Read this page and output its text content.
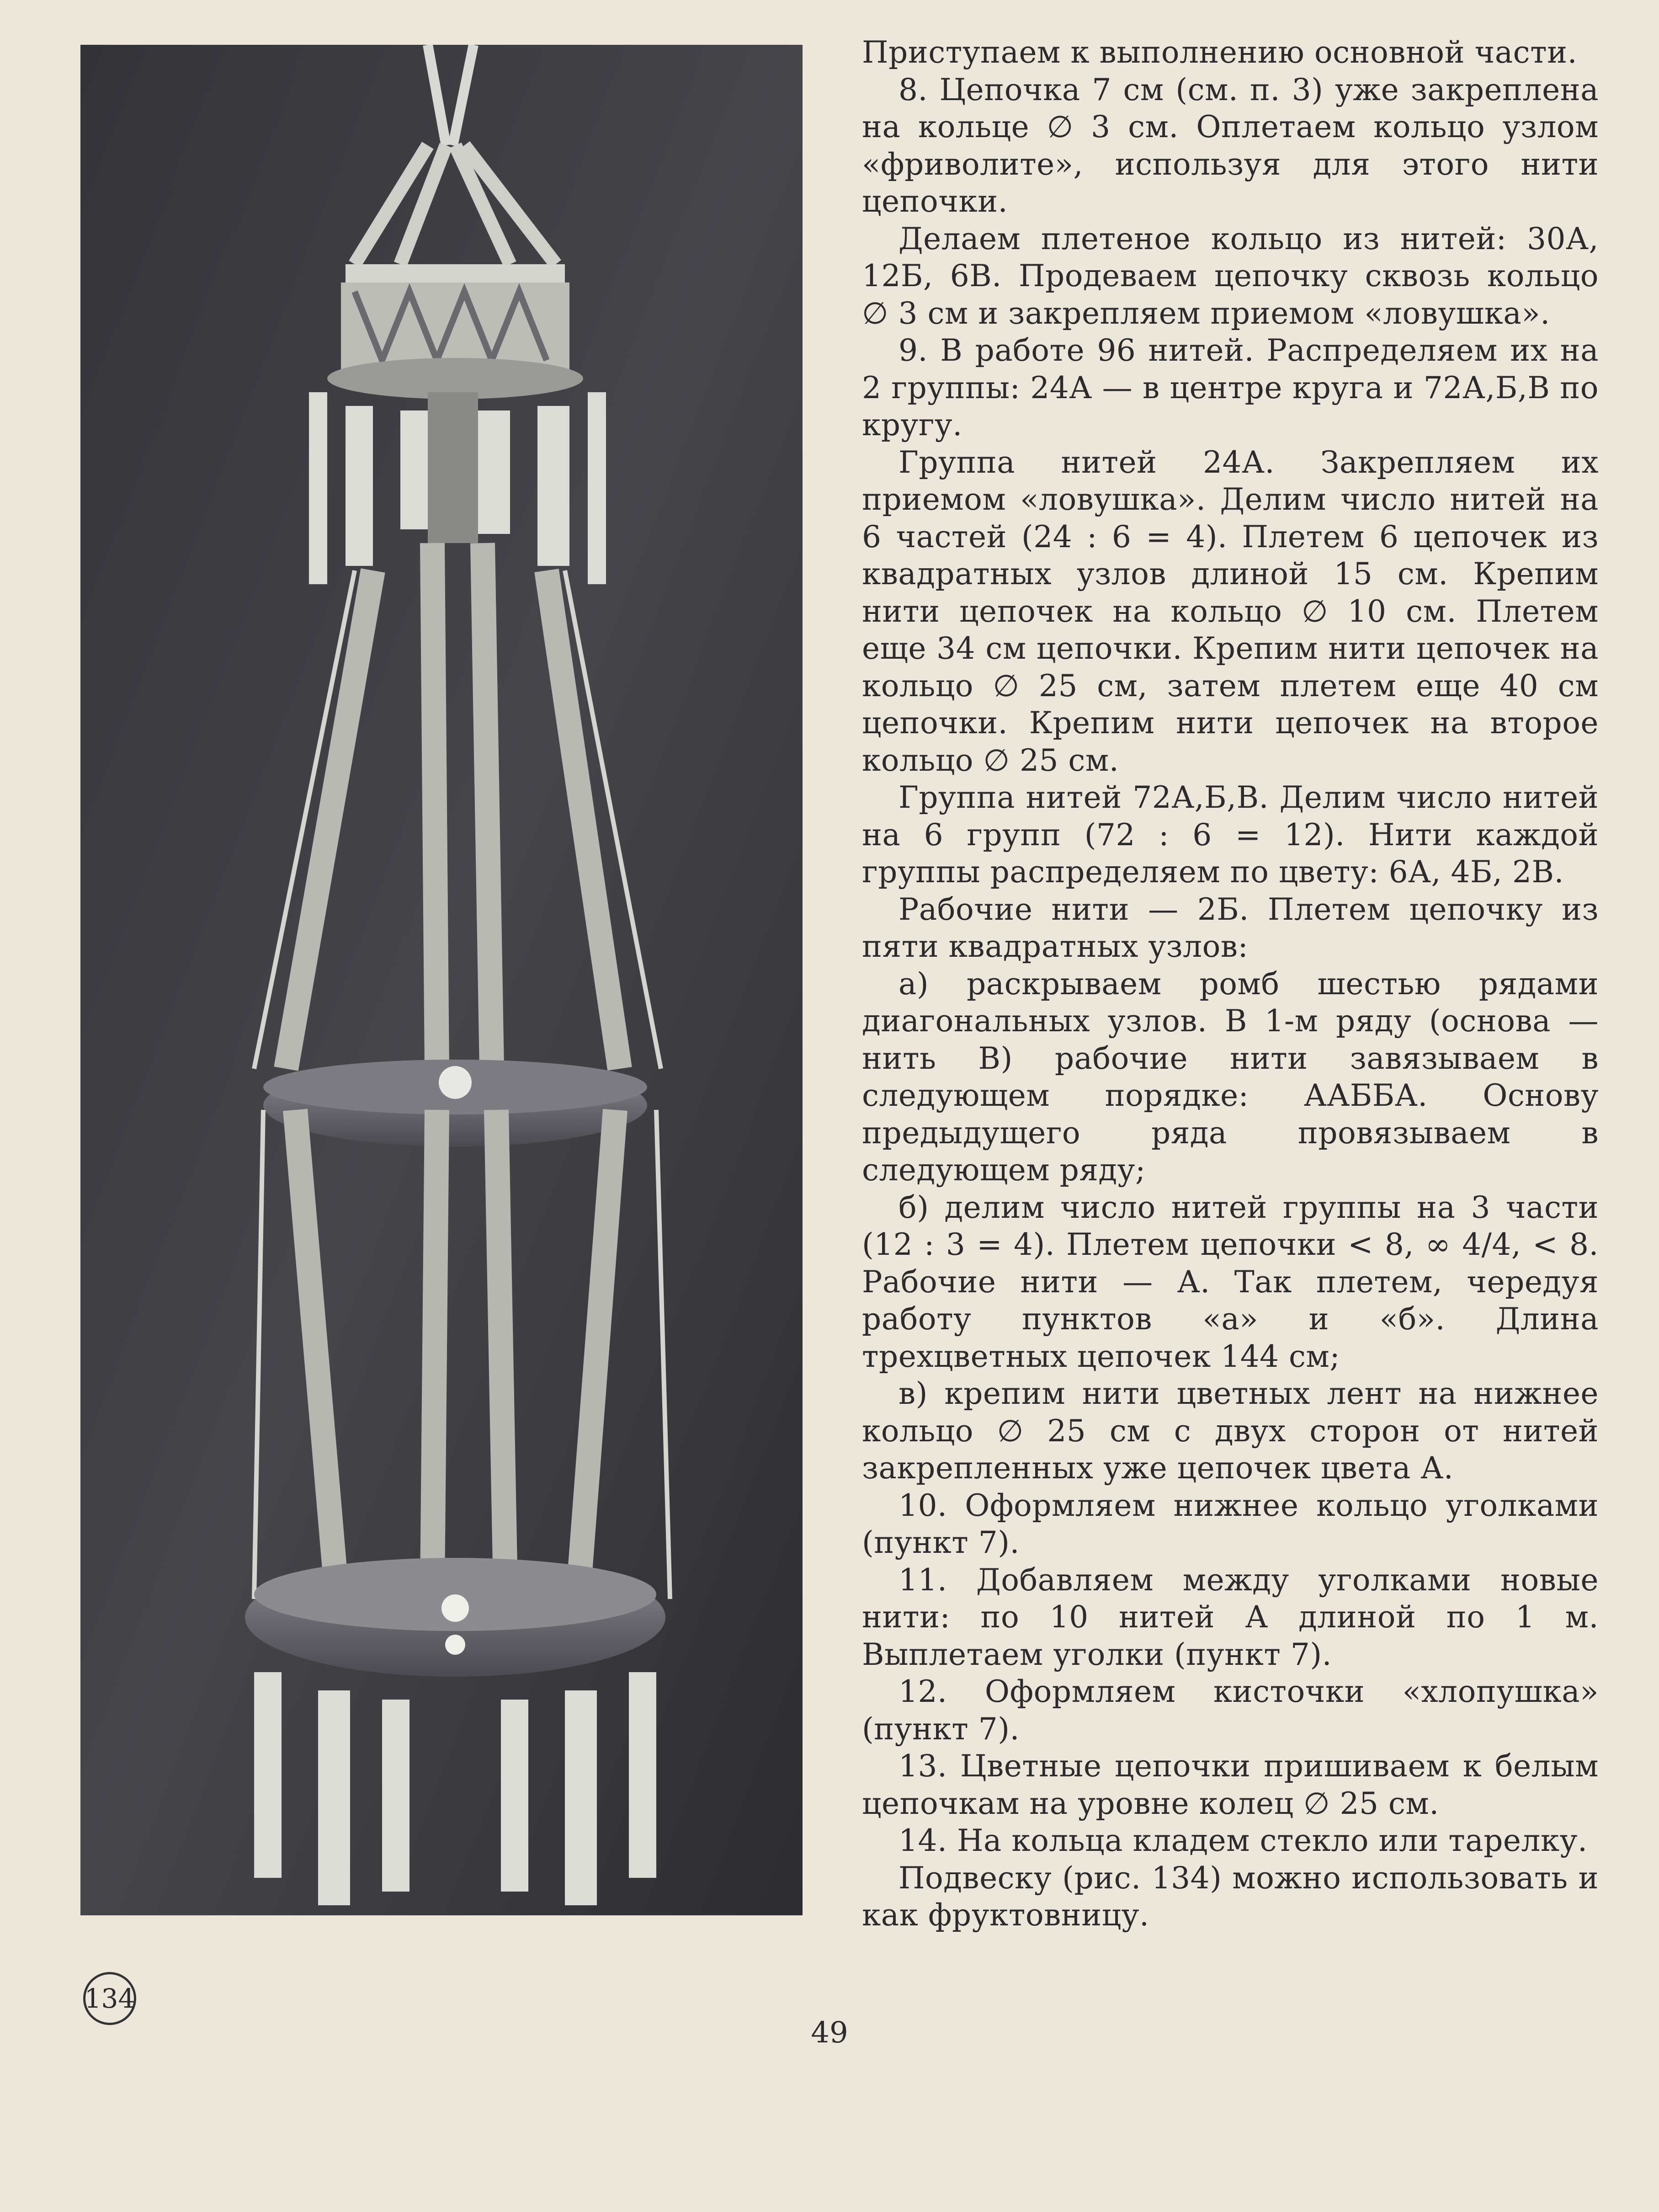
134

Приступаем к выполнению основной части.

8. Цепочка 7 см (см. п. 3) уже закреплена на кольце ∅ 3 см. Оплетаем кольцо узлом «фриволите», используя для этого нити цепочки.

Делаем плетеное кольцо из нитей: 30А, 12Б, 6В. Продеваем цепочку сквозь кольцо ∅ 3 см и закрепляем приемом «ловушка».

9. В работе 96 нитей. Распределяем их на 2 группы: 24А — в центре круга и 72А,Б,В по кругу.

Группа нитей 24А. Закрепляем их приемом «ловушка». Делим число нитей на 6 частей (24 : 6 = 4). Плетем 6 цепочек из квадратных узлов длиной 15 см. Крепим нити цепочек на кольцо ∅ 10 см. Плетем еще 34 см цепочки. Крепим нити цепочек на кольцо ∅ 25 см, затем плетем еще 40 см цепочки. Крепим нити цепочек на второе кольцо ∅ 25 см.

Группа нитей 72А,Б,В. Делим число нитей на 6 групп (72 : 6 = 12). Нити каждой группы распределяем по цвету: 6А, 4Б, 2В.

Рабочие нити — 2Б. Плетем цепочку из пяти квадратных узлов:

а) раскрываем ромб шестью рядами диагональных узлов. В 1-м ряду (основа — нить В) рабочие нити завязываем в следующем порядке: ААББА. Основу предыдущего ряда провязываем в следующем ряду;

б) делим число нитей группы на 3 части (12 : 3 = 4). Плетем цепочки < 8, ∞ 4/4, < 8. Рабочие нити — А. Так плетем, чередуя работу пунктов «а» и «б». Длина трехцветных цепочек 144 см;

в) крепим нити цветных лент на нижнее кольцо ∅ 25 см с двух сторон от нитей закрепленных уже цепочек цвета А.

10. Оформляем нижнее кольцо уголками (пункт 7).

11. Добавляем между уголками новые нити: по 10 нитей А длиной по 1 м. Выплетаем уголки (пункт 7).

12. Оформляем кисточки «хлопушка» (пункт 7).

13. Цветные цепочки пришиваем к белым цепочкам на уровне колец ∅ 25 см.

14. На кольца кладем стекло или тарелку.

Подвеску (рис. 134) можно использовать и как фруктовницу.

49
